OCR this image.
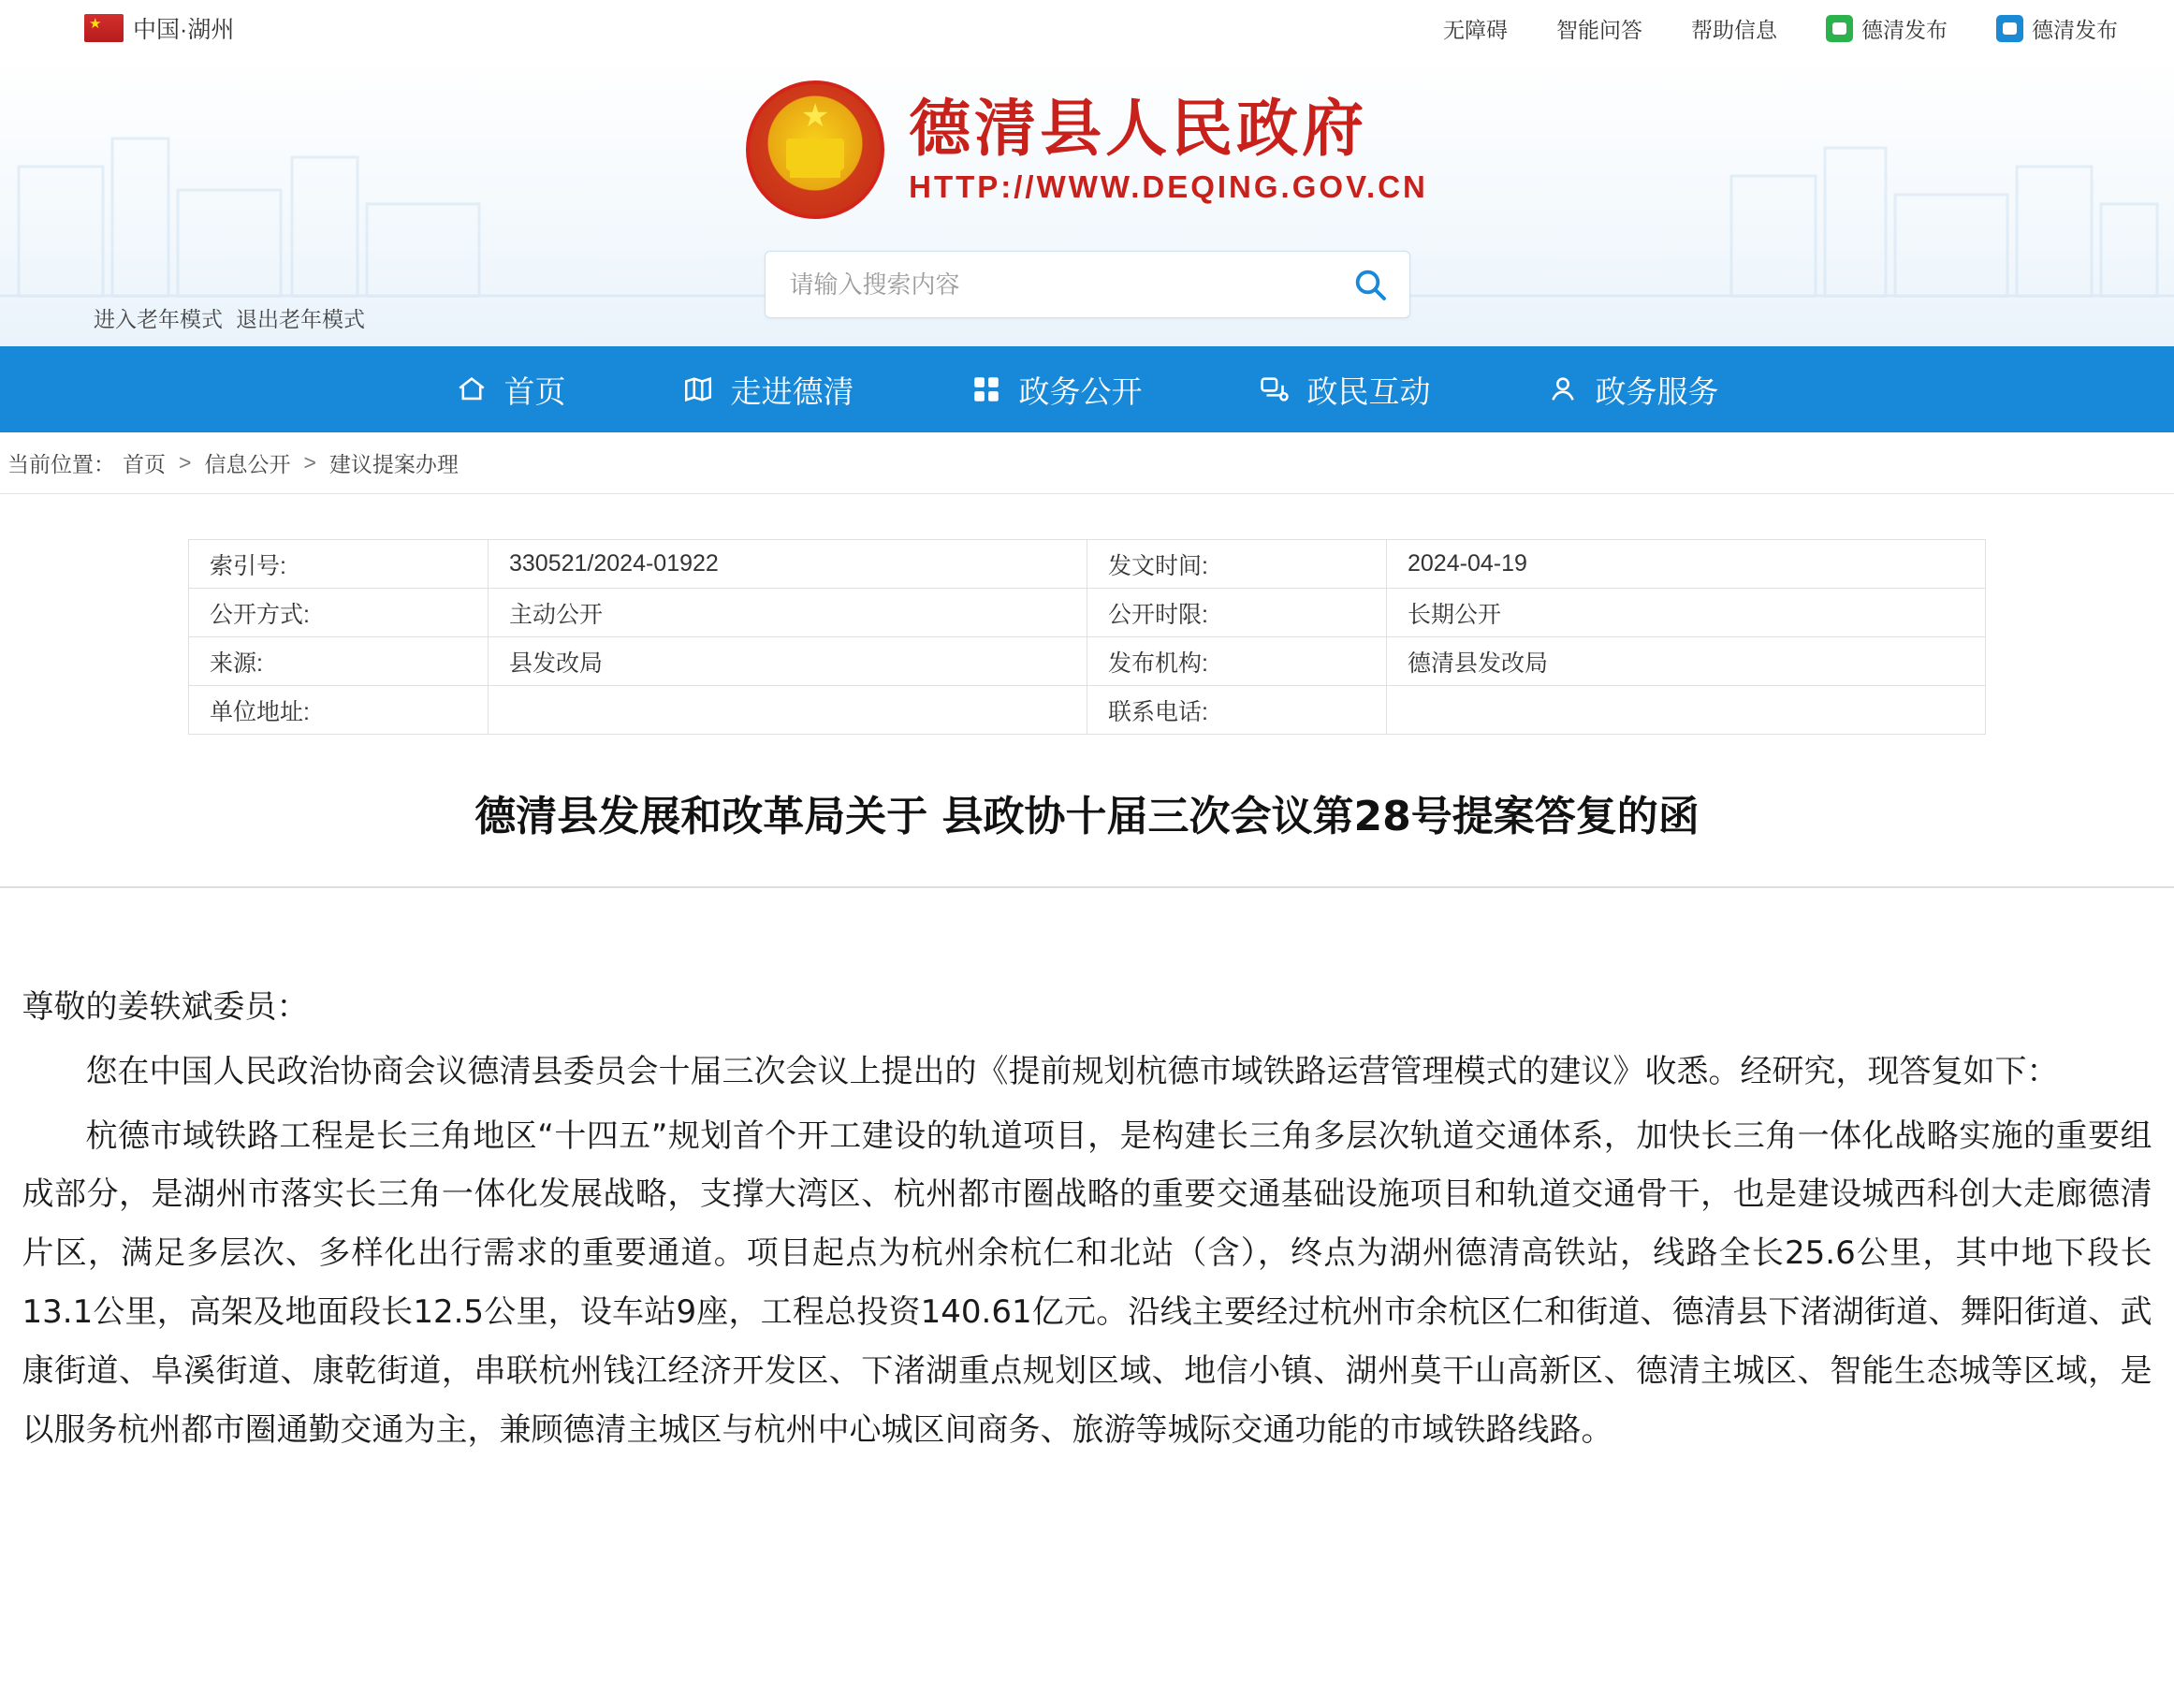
★
中国·湖州	无障碍 智能问答 帮助信息	德清发布	德清发布
★
德清县人民政府
HTTP://WWW.DEQING.GOV.CN
请输入搜索内容
进入老年模式 退出老年模式
首页	走进德清	政务公开	政民互动	政务服务
当前位置： 首页 > 信息公开 > 建议提案办理
索引号:	330521/2024-01922	发文时间:	2024-04-19
公开方式:	主动公开	公开时限:	长期公开
来源:	县发改局	发布机构:	德清县发改局
单位地址:		联系电话:	
德清县发展和改革局关于 县政协十届三次会议第28号提案答复的函

尊敬的姜轶斌委员：

您在中国人民政治协商会议德清县委员会十届三次会议上提出的《提前规划杭德市域铁路运营管理模式的建议》收悉。经研究，现答复如下：

杭德市域铁路工程是长三角地区“十四五”规划首个开工建设的轨道项目，是构建长三角多层次轨道交通体系，加快长三角一体化战略实施的重要组成部分，是湖州市落实长三角一体化发展战略，支撑大湾区、杭州都市圈战略的重要交通基础设施项目和轨道交通骨干，也是建设城西科创大走廊德清片区，满足多层次、多样化出行需求的重要通道。项目起点为杭州余杭仁和北站（含），终点为湖州德清高铁站，线路全长25.6公里，其中地下段长13.1公里，高架及地面段长12.5公里，设车站9座，工程总投资140.61亿元。沿线主要经过杭州市余杭区仁和街道、德清县下渚湖街道、舞阳街道、武康街道、阜溪街道、康乾街道，串联杭州钱江经济开发区、下渚湖重点规划区域、地信小镇、湖州莫干山高新区、德清主城区、智能生态城等区域，是以服务杭州都市圈通勤交通为主，兼顾德清主城区与杭州中心城区间商务、旅游等城际交通功能的市域铁路线路。
